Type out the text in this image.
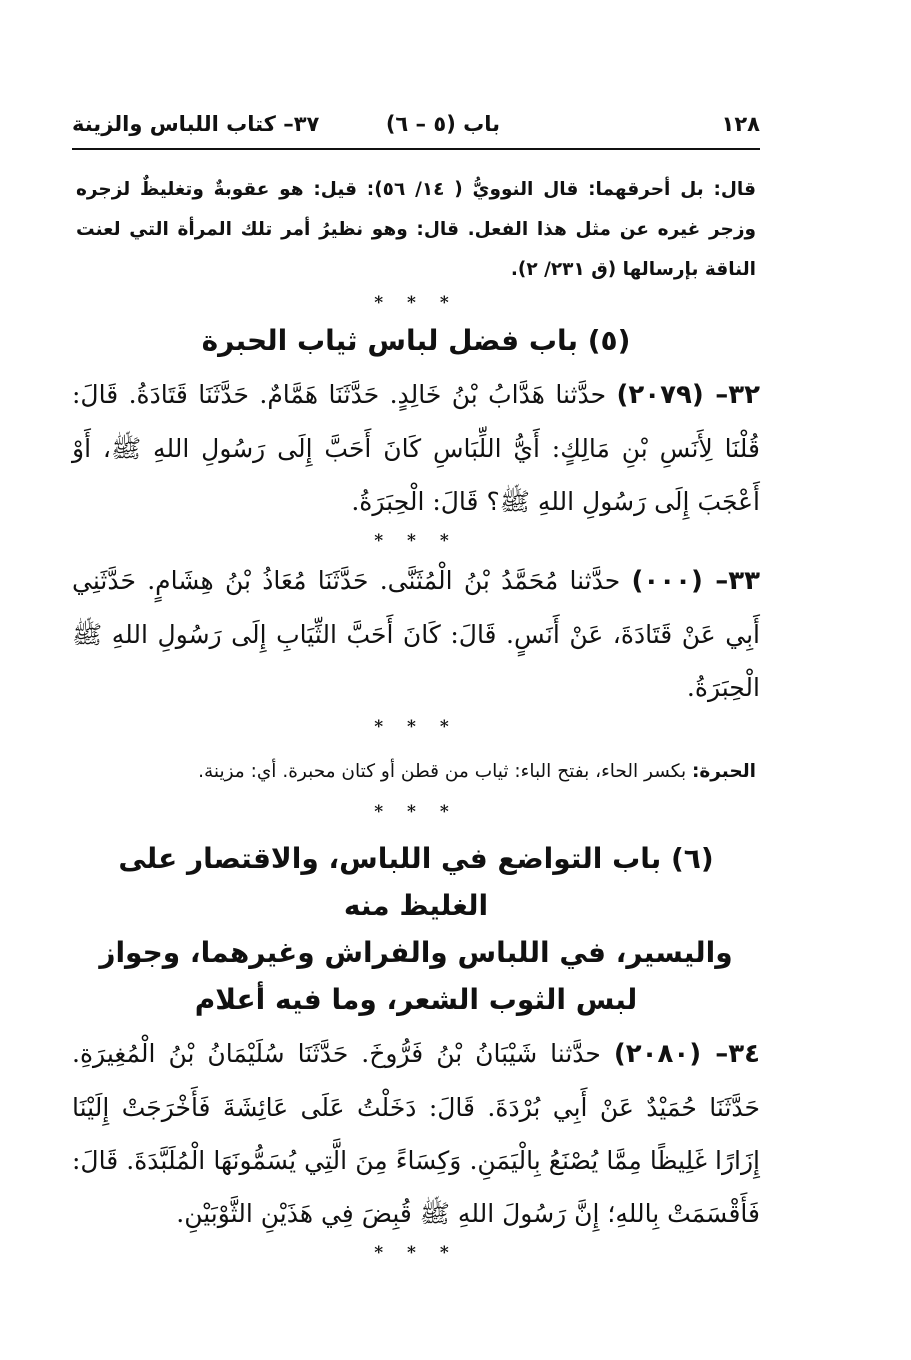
١٢٨
باب (٥ – ٦)
٣٧– كتاب اللباس والزينة

قال: بل أحرقهما: قال النوويُّ ( ١٤/ ٥٦): قيل: هو عقوبةٌ وتغليظٌ لزجره وزجر غيره عن مثل هذا الفعل. قال: وهو نظيرُ أمر تلك المرأة التي لعنت الناقة بإرسالها (ق ٢٣١/ ٢).

* * *
(٥) باب فضل لباس ثياب الحبرة

٣٢– (٢٠٧٩) حدَّثنا هَدَّابُ بْنُ خَالِدٍ. حَدَّثَنَا هَمَّامٌ. حَدَّثَنَا قَتَادَةُ. قَالَ: قُلْنَا لِأَنَسِ بْنِ مَالِكٍ: أَيُّ اللِّبَاسِ كَانَ أَحَبَّ إِلَى رَسُولِ اللهِ ﷺ، أَوْ أَعْجَبَ إِلَى رَسُولِ اللهِ ﷺ؟ قَالَ: الْحِبَرَةُ.

* * *

٣٣– (٠٠٠) حدَّثنا مُحَمَّدُ بْنُ الْمُثَنَّى. حَدَّثَنَا مُعَاذُ بْنُ هِشَامٍ. حَدَّثَنِي أَبِي عَنْ قَتَادَةَ، عَنْ أَنَسٍ. قَالَ: كَانَ أَحَبَّ الثِّيَابِ إِلَى رَسُولِ اللهِ ﷺ الْحِبَرَةُ.

* * *

الحبرة: بكسر الحاء، بفتح الباء: ثياب من قطن أو كتان محبرة. أي: مزينة.

* * *
(٦) باب التواضع في اللباس، والاقتصار على الغليظ منه
واليسير، في اللباس والفراش وغيرهما، وجواز
لبس الثوب الشعر، وما فيه أعلام

٣٤– (٢٠٨٠) حدَّثنا شَيْبَانُ بْنُ فَرُّوخَ. حَدَّثَنَا سُلَيْمَانُ بْنُ الْمُغِيرَةِ. حَدَّثَنَا حُمَيْدٌ عَنْ أَبِي بُرْدَةَ. قَالَ: دَخَلْتُ عَلَى عَائِشَةَ فَأَخْرَجَتْ إِلَيْنَا إِزَارًا غَلِيظًا مِمَّا يُصْنَعُ بِالْيَمَنِ. وَكِسَاءً مِنَ الَّتِي يُسَمُّونَهَا الْمُلَبَّدَةَ. قَالَ: فَأَقْسَمَتْ بِاللهِ؛ إِنَّ رَسُولَ اللهِ ﷺ قُبِضَ فِي هَذَيْنِ الثَّوْبَيْنِ.

* * *
